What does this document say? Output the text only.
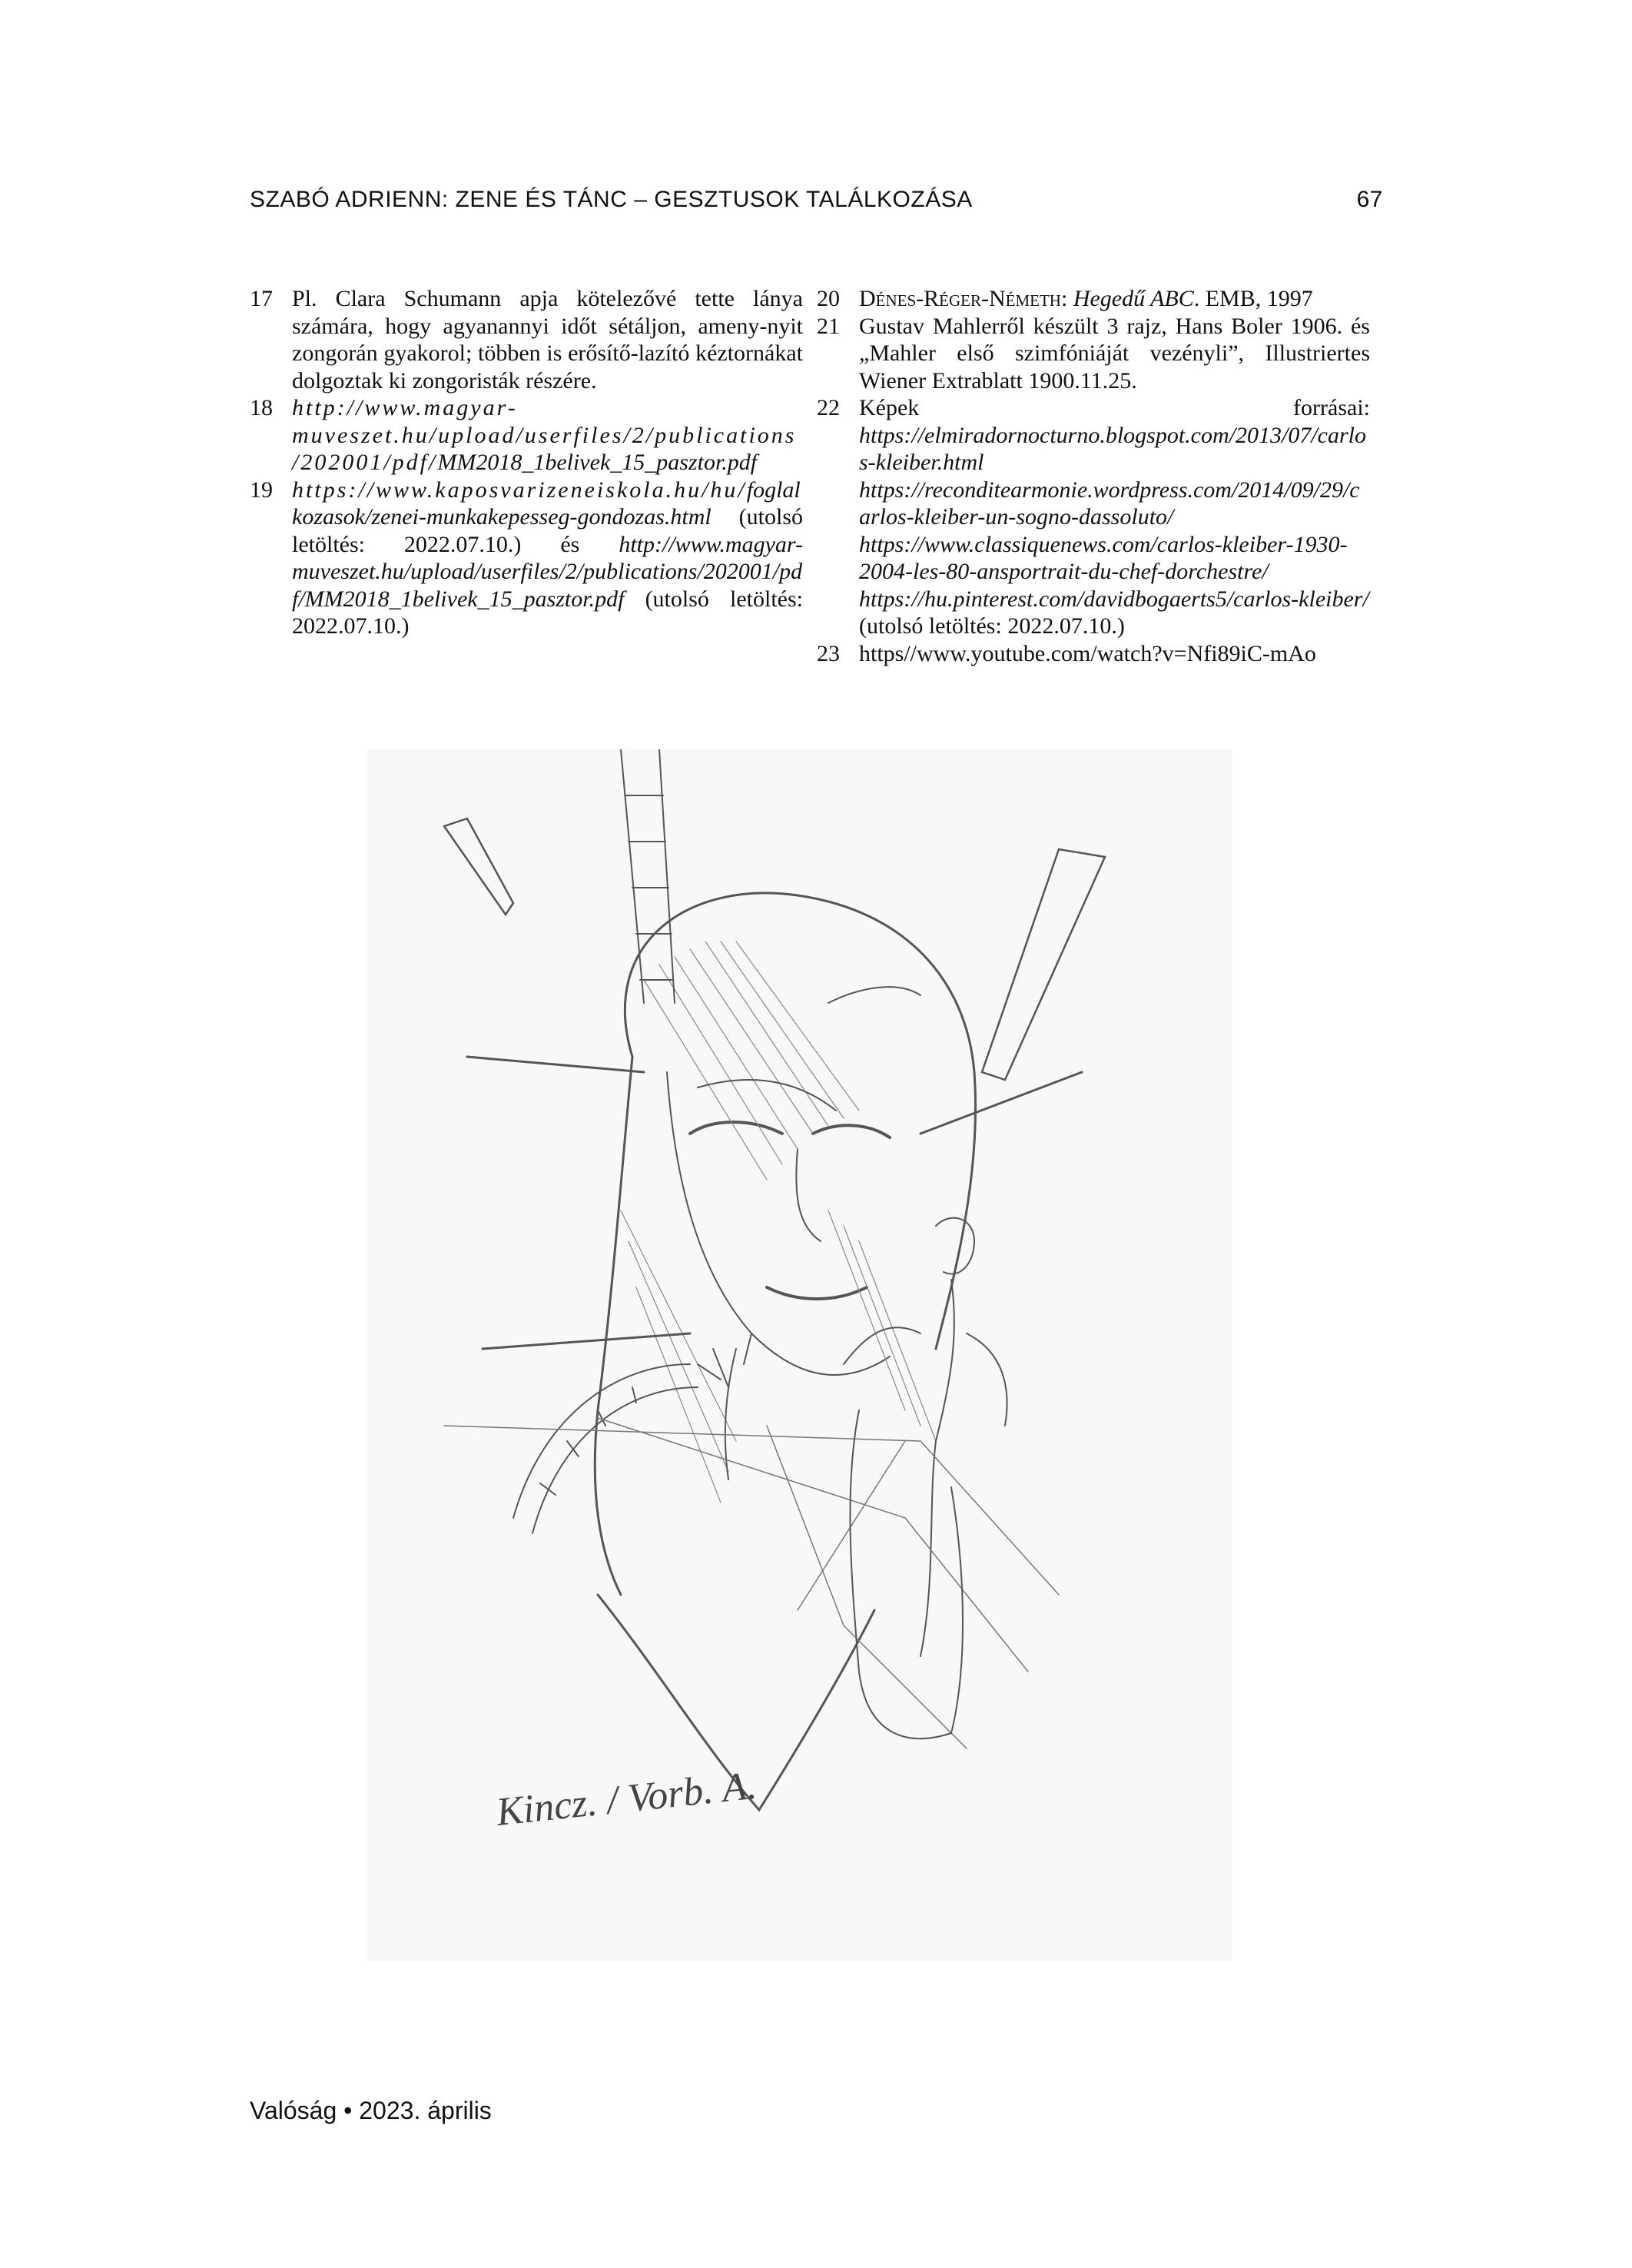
SZABÓ ADRIENN: ZENE ÉS TÁNC – GESZTUSOK TALÁLKOZÁSA	67

17 Pl. Clara Schumann apja kötelezővé tette lánya számára, hogy agyanannyi időt sétáljon, ameny-nyit zongorán gyakorol; többen is erősítő-lazító kéztornákat dolgoztak ki zongoristák részére.

18 http://www.magyar-muveszet.hu/upload/userfiles/2/publications/202001/pdf/MM2018_1belivek_15_pasztor.pdf

19 https://www.kaposvarizeneiskola.hu/hu/foglalkozasok/zenei-munkakepesseg-gondozas.html (utolsó letöltés: 2022.07.10.) és http://www.magyar-muveszet.hu/upload/userfiles/2/publications/202001/pdf/MM2018_1belivek_15_pasztor.pdf (utolsó letöltés: 2022.07.10.)

20 Dénes-Réger-Németh: Hegedű ABC. EMB, 1997

21 Gustav Mahlerről készült 3 rajz, Hans Boler 1906. és „Mahler első szimfóniáját vezényli”, Illustriertes Wiener Extrablatt 1900.11.25.

22 Képek forrásai: https://elmiradornocturno.blogspot.com/2013/07/carlos-kleiber.html https://reconditearmonie.wordpress.com/2014/09/29/carlos-kleiber-un-sogno-dassoluto/ https://www.classiquenews.com/carlos-kleiber-1930-2004-les-80-ansportrait-du-chef-dorchestre/ https://hu.pinterest.com/davidbogaerts5/carlos-kleiber/ (utolsó letöltés: 2022.07.10.)

23 https//www.youtube.com/watch?v=Nfi89iC-mAo

Kincz. / Vorb. A.
Valóság • 2023. április
